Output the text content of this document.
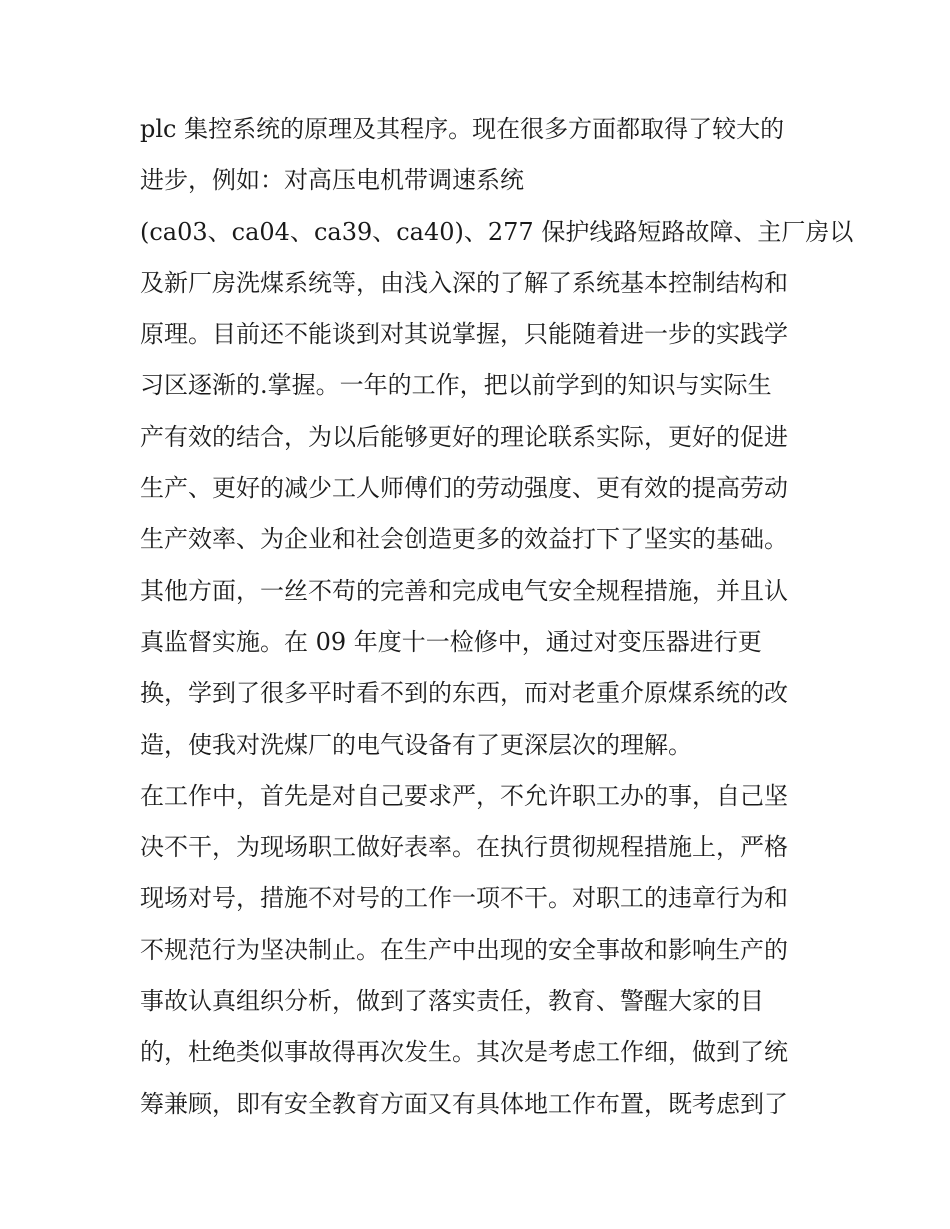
plc 集控系统的原理及其程序。现在很多方面都取得了较大的
进步，例如：对高压电机带调速系统
(ca03、ca04、ca39、ca40)、277 保护线路短路故障、主厂房以
及新厂房洗煤系统等，由浅入深的了解了系统基本控制结构和
原理。目前还不能谈到对其说掌握，只能随着进一步的实践学
习区逐渐的.掌握。一年的工作，把以前学到的知识与实际生
产有效的结合，为以后能够更好的理论联系实际，更好的促进
生产、更好的减少工人师傅们的劳动强度、更有效的提高劳动
生产效率、为企业和社会创造更多的效益打下了坚实的基础。
其他方面，一丝不苟的完善和完成电气安全规程措施，并且认
真监督实施。在 09 年度十一检修中，通过对变压器进行更
换，学到了很多平时看不到的东西，而对老重介原煤系统的改
造，使我对洗煤厂的电气设备有了更深层次的理解。
在工作中，首先是对自己要求严，不允许职工办的事，自己坚
决不干，为现场职工做好表率。在执行贯彻规程措施上，严格
现场对号，措施不对号的工作一项不干。对职工的违章行为和
不规范行为坚决制止。在生产中出现的安全事故和影响生产的
事故认真组织分析，做到了落实责任，教育、警醒大家的目
的，杜绝类似事故得再次发生。其次是考虑工作细，做到了统
筹兼顾，即有安全教育方面又有具体地工作布置，既考虑到了
